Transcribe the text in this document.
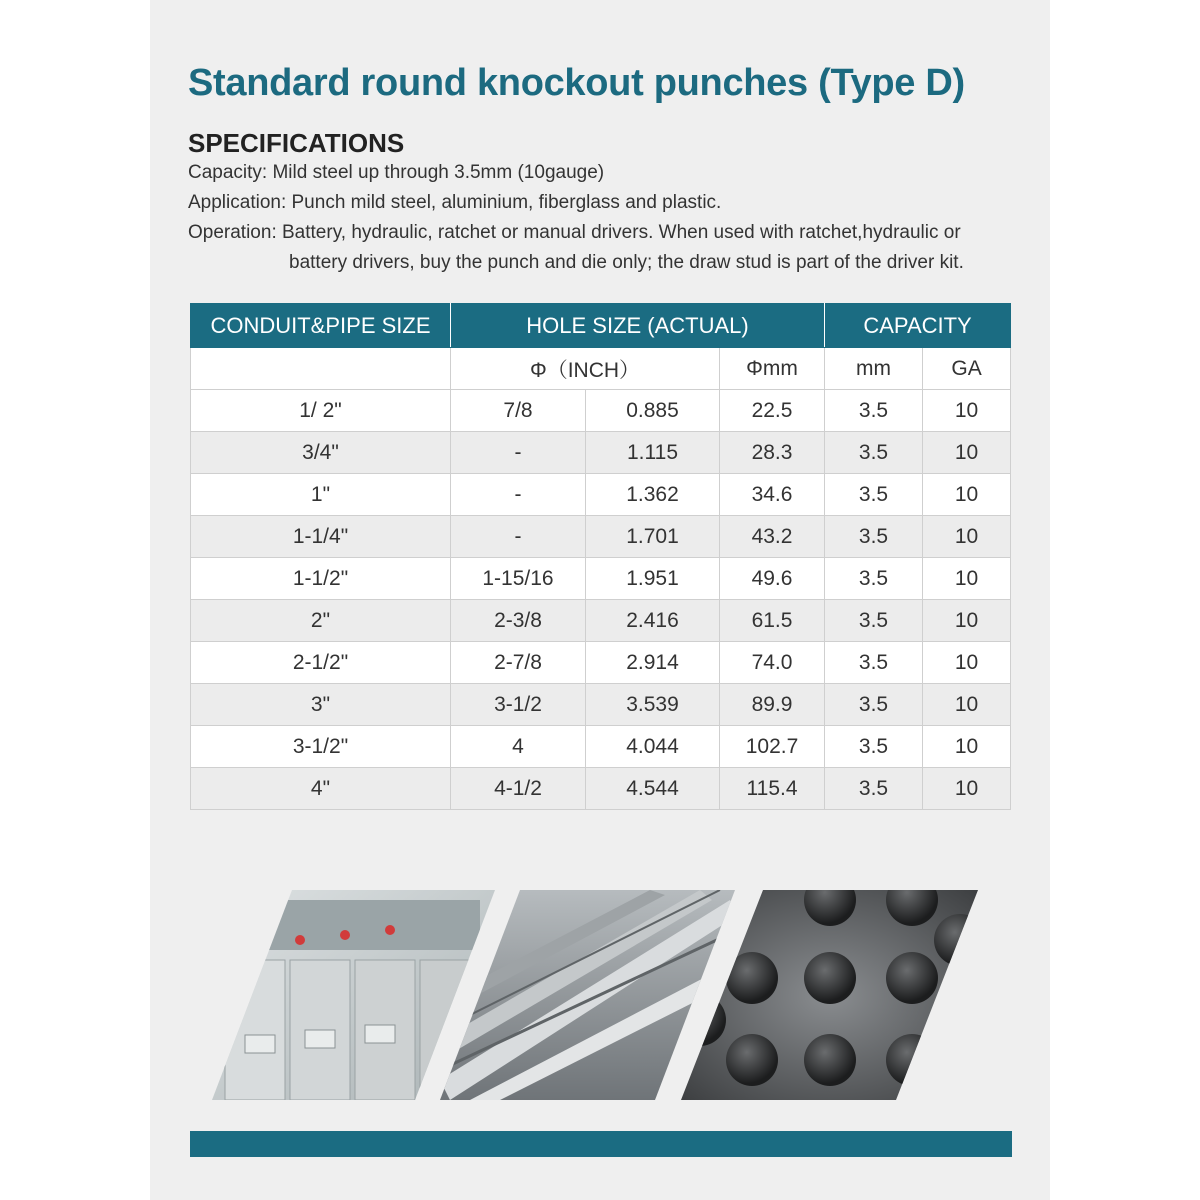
Standard round knockout punches (Type D)
SPECIFICATIONS

Capacity: Mild steel up through 3.5mm (10gauge)

Application: Punch mild steel, aluminium, fiberglass and plastic.

Operation: Battery, hydraulic, ratchet or manual drivers. When used with ratchet,hydraulic or

battery drivers, buy the punch and die only; the draw stud is part of the driver kit.

CONDUIT&PIPE SIZE	HOLE SIZE (ACTUAL)			CAPACITY	
	Φ（INCH）		Φmm	mm	GA
1/ 2"	7/8	0.885	22.5	3.5	10
3/4"	-	1.115	28.3	3.5	10
1"	-	1.362	34.6	3.5	10
1-1/4"	-	1.701	43.2	3.5	10
1-1/2"	1-15/16	1.951	49.6	3.5	10
2"	2-3/8	2.416	61.5	3.5	10
2-1/2"	2-7/8	2.914	74.0	3.5	10
3"	3-1/2	3.539	89.9	3.5	10
3-1/2"	4	4.044	102.7	3.5	10
4"	4-1/2	4.544	115.4	3.5	10
